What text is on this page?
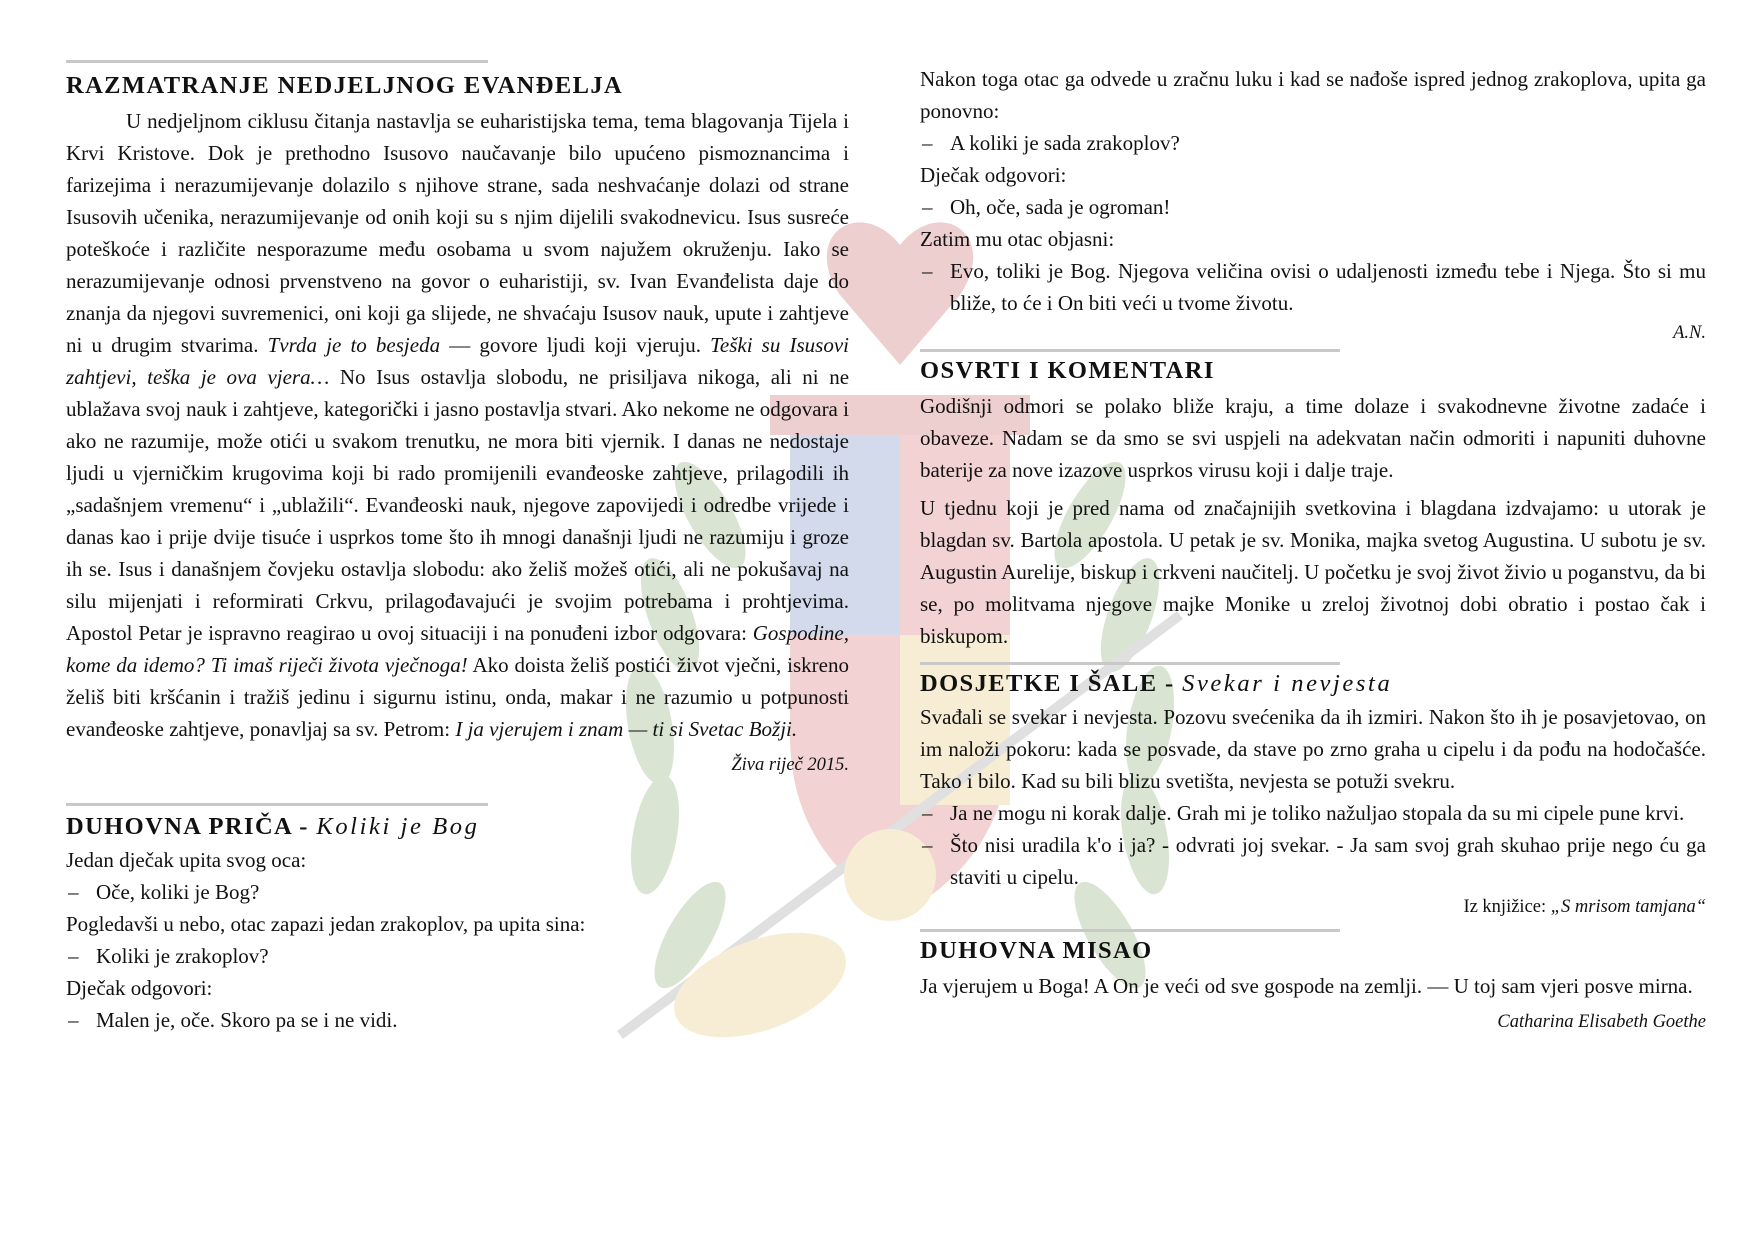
RAZMATRANJE NEDJELJNOG EVANĐELJA

U nedjeljnom ciklusu čitanja nastavlja se euharistijska tema, tema blagovanja Tijela i Krvi Kristove. Dok je prethodno Isusovo naučavanje bilo upućeno pismoznancima i farizejima i nerazumijevanje dolazilo s njihove strane, sada neshvaćanje dolazi od strane Isusovih učenika, nerazumijevanje od onih koji su s njim dijelili svakodnevicu. Isus susreće poteškoće i različite nesporazume među osobama u svom najužem okruženju. Iako se nerazumijevanje odnosi prvenstveno na govor o euharistiji, sv. Ivan Evanđelista daje do znanja da njegovi suvremenici, oni koji ga slijede, ne shvaćaju Isusov nauk, upute i zahtjeve ni u drugim stvarima. Tvrda je to besjeda — govore ljudi koji vjeruju. Teški su Isusovi zahtjevi, teška je ova vjera… No Isus ostavlja slobodu, ne prisiljava nikoga, ali ni ne ublažava svoj nauk i zahtjeve, kategorički i jasno postavlja stvari. Ako nekome ne odgovara i ako ne razumije, može otići u svakom trenutku, ne mora biti vjernik. I danas ne nedostaje ljudi u vjerničkim krugovima koji bi rado promijenili evanđeoske zahtjeve, prilagodili ih „sadašnjem vremenu“ i „ublažili“. Evanđeoski nauk, njegove zapovijedi i odredbe vrijede i danas kao i prije dvije tisuće i usprkos tome što ih mnogi današnji ljudi ne razumiju i groze ih se. Isus i današnjem čovjeku ostavlja slobodu: ako želiš možeš otići, ali ne pokušavaj na silu mijenjati i reformirati Crkvu, prilagođavajući je svojim potrebama i prohtjevima. Apostol Petar je ispravno reagirao u ovoj situaciji i na ponuđeni izbor odgovara: Gospodine, kome da idemo? Ti imaš riječi života vječnoga! Ako doista želiš postići život vječni, iskreno želiš biti kršćanin i tražiš jedinu i sigurnu istinu, onda, makar i ne razumio u potpunosti evanđeoske zahtjeve, ponavljaj sa sv. Petrom: I ja vjerujem i znam — ti si Svetac Božji.

Živa riječ 2015.

DUHOVNA PRIČA - Koliki je Bog

Jedan dječak upita svog oca:

– Oče, koliki je Bog?

Pogledavši u nebo, otac zapazi jedan zrakoplov, pa upita sina:

– Koliki je zrakoplov?

Dječak odgovori:

– Malen je, oče. Skoro pa se i ne vidi.

Nakon toga otac ga odvede u zračnu luku i kad se nađoše ispred jednog zrakoplova, upita ga ponovno:

– A koliki je sada zrakoplov?

Dječak odgovori:

– Oh, oče, sada je ogroman!

Zatim mu otac objasni:

– Evo, toliki je Bog. Njegova veličina ovisi o udaljenosti između tebe i Njega. Što si mu bliže, to će i On biti veći u tvome životu.

A.N.

OSVRTI I KOMENTARI

Godišnji odmori se polako bliže kraju, a time dolaze i svakodnevne životne zadaće i obaveze. Nadam se da smo se svi uspjeli na adekvatan način odmoriti i napuniti duhovne baterije za nove izazove usprkos virusu koji i dalje traje.

U tjednu koji je pred nama od značajnijih svetkovina i blagdana izdvajamo: u utorak je blagdan sv. Bartola apostola. U petak je sv. Monika, majka svetog Augustina. U subotu je sv. Augustin Aurelije, biskup i crkveni naučitelj. U početku je svoj život živio u poganstvu, da bi se, po molitvama njegove majke Monike u zreloj životnoj dobi obratio i postao čak i biskupom.

DOSJETKE I ŠALE - Svekar i nevjesta

Svađali se svekar i nevjesta. Pozovu svećenika da ih izmiri. Nakon što ih je posavjetovao, on im naloži pokoru: kada se posvade, da stave po zrno graha u cipelu i da pođu na hodočašće. Tako i bilo. Kad su bili blizu svetišta, nevjesta se potuži svekru.

– Ja ne mogu ni korak dalje. Grah mi je toliko nažuljao stopala da su mi cipele pune krvi.
– Što nisi uradila k'o i ja? - odvrati joj svekar. - Ja sam svoj grah skuhao prije nego ću ga staviti u cipelu.

Iz knjižice: „S mrisom tamjana“

DUHOVNA MISAO

Ja vjerujem u Boga! A On je veći od sve gospode na zemlji. — U toj sam vjeri posve mirna.

Catharina Elisabeth Goethe
